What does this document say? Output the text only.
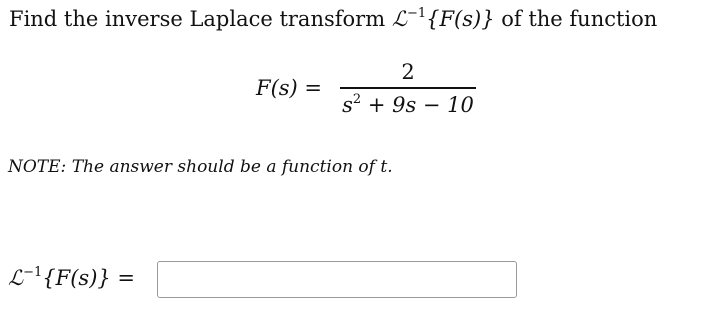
Find the inverse Laplace transform ℒ$^{-1}${F(s)} of the function
F(s) =
2
$s^2 + 9s - 10$
NOTE: The answer should be a function of t.
ℒ$^{-1}${F(s)} =
